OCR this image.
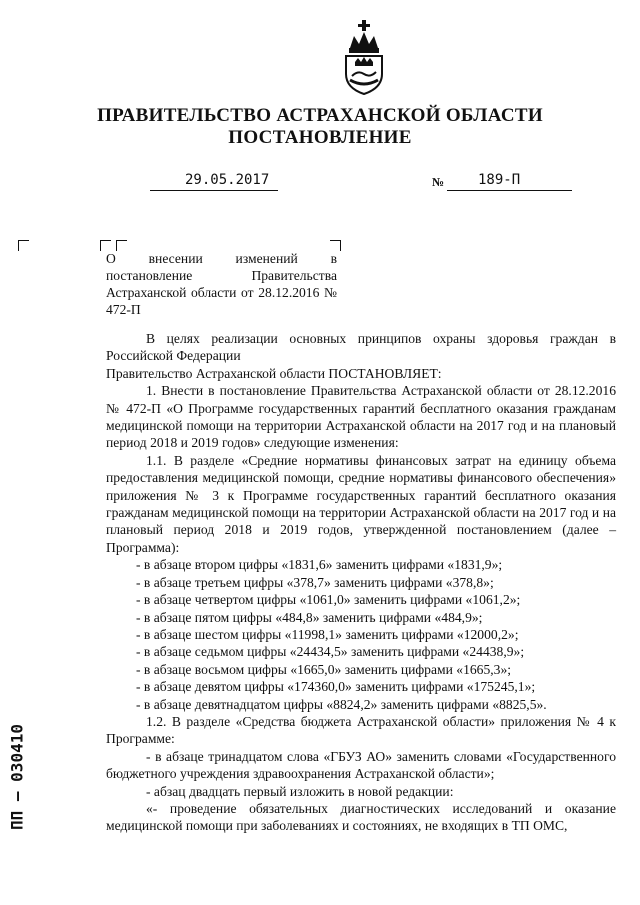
ПРАВИТЕЛЬСТВО АСТРАХАНСКОЙ ОБЛАСТИ
ПОСТАНОВЛЕНИЕ
29.05.2017	№ 189-П
О внесении изменений в постановление Правительства Астраханской области от 28.12.2016 № 472-П

В целях реализации основных принципов охраны здоровья граждан в Российской Федерации

Правительство Астраханской области ПОСТАНОВЛЯЕТ:

1. Внести в постановление Правительства Астраханской области от 28.12.2016 № 472-П «О Программе государственных гарантий бесплатного оказания гражданам медицинской помощи на территории Астраханской области на 2017 год и на плановый период 2018 и 2019 годов» следующие изменения:

1.1. В разделе «Средние нормативы финансовых затрат на единицу объема предоставления медицинской помощи, средние нормативы финансового обеспечения» приложения № 3 к Программе государственных гарантий бесплатного оказания гражданам медицинской помощи на территории Астраханской области на 2017 год и на плановый период 2018 и 2019 годов, утвержденной постановлением (далее – Программа):

- в абзаце втором цифры «1831,6» заменить цифрами «1831,9»;

- в абзаце третьем цифры «378,7» заменить цифрами «378,8»;

- в абзаце четвертом цифры «1061,0» заменить цифрами «1061,2»;

- в абзаце пятом цифры «484,8» заменить цифрами «484,9»;

- в абзаце шестом цифры «11998,1» заменить цифрами «12000,2»;

- в абзаце седьмом цифры «24434,5» заменить цифрами «24438,9»;

- в абзаце восьмом цифры «1665,0» заменить цифрами «1665,3»;

- в абзаце девятом цифры «174360,0» заменить цифрами «175245,1»;

- в абзаце девятнадцатом цифры «8824,2» заменить цифрами «8825,5».

1.2. В разделе «Средства бюджета Астраханской области» приложения № 4 к Программе:

- в абзаце тринадцатом слова «ГБУЗ АО» заменить словами «Государственного бюджетного учреждения здравоохранения Астраханской области»;

- абзац двадцать первый изложить в новой редакции:

«- проведение обязательных диагностических исследований и оказание медицинской помощи при заболеваниях и состояниях, не входящих в ТП ОМС,

ПП – 030410
